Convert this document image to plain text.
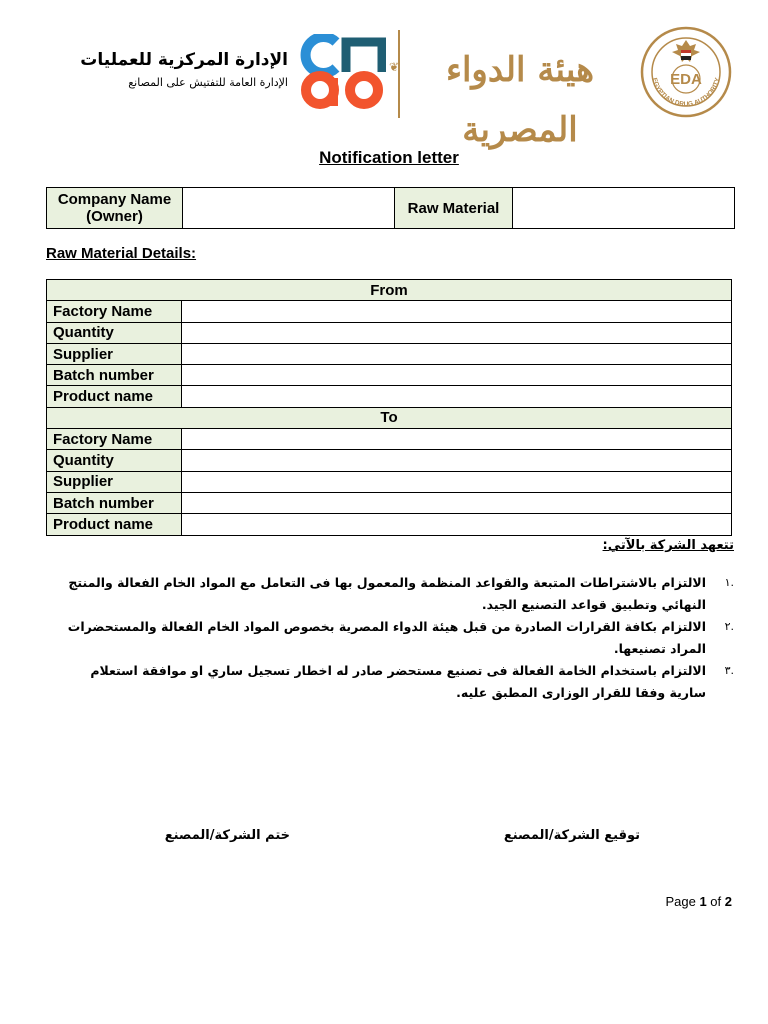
EGYPTIAN DRUG AUTHORITY
EDA
هيئة الدواء المصرية
❦
الإدارة المركزية للعمليات
الإدارة العامة للتفتيش على المصانع
Notification letter
Company Name (Owner)		Raw Material	
Raw Material Details:
From	
Factory Name	
Quantity	
Supplier	
Batch number	
Product name	
To	
Factory Name	
Quantity	
Supplier	
Batch number	
Product name	
تتعهد الشركة بالآتي:
١.
الالتزام بالاشتراطات المتبعة والقواعد المنظمة والمعمول بها فى التعامل مع المواد الخام الفعالة والمنتج النهائي وتطبيق قواعد التصنيع الجيد.
٢.
الالتزام بكافة القرارات الصادرة من قبل هيئة الدواء المصرية بخصوص المواد الخام الفعالة والمستحضرات المراد تصنيعها.
٣.
الالتزام باستخدام الخامة الفعالة فى تصنيع مستحضر صادر له اخطار تسجيل ساري او موافقة استعلام سارية وفقا للقرار الوزارى المطبق عليه.
ختم الشركة/المصنع	توقيع الشركة/المصنع
Page 1 of 2
